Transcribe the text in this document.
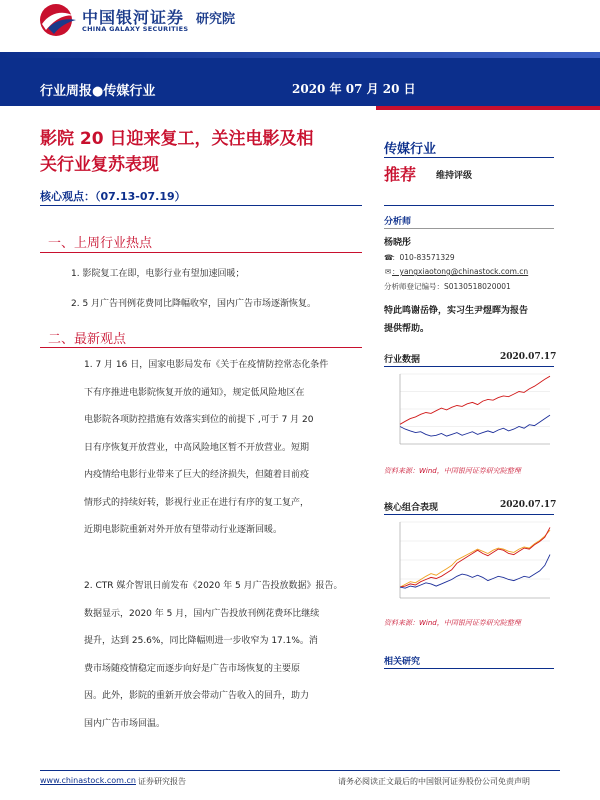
中国银河证券 研究院
CHINA GALAXY SECURITIES
行业周报●传媒行业	2020 年 07 月 20 日
影院 20 日迎来复工，关注电影及相
关行业复苏表现
核心观点：（07.13-07.19）
一、上周行业热点
1. 影院复工在即，电影行业有望加速回暖；
2. 5 月广告刊例花费同比降幅收窄，国内广告市场逐渐恢复。
二、最新观点
1. 7 月 16 日，国家电影局发布《关于在疫情防控常态化条件
下有序推进电影院恢复开放的通知》，规定低风险地区在
电影院各项防控措施有效落实到位的前提下 ,可于 7 月 20
日有序恢复开放营业，中高风险地区暂不开放营业。短期
内疫情给电影行业带来了巨大的经济损失，但随着目前疫
情形式的持续好转，影视行业正在进行有序的复工复产，
近期电影院重新对外开放有望带动行业逐渐回暖。
2. CTR 媒介智讯日前发布《2020 年 5 月广告投放数据》报告。
数据显示，2020 年 5 月，国内广告投放刊例花费环比继续
提升，达到 25.6%，同比降幅则进一步收窄为 17.1%。消
费市场随疫情稳定而逐步向好是广告市场恢复的主要原
因。此外，影院的重新开放会带动广告收入的回升，助力
国内广告市场回温。
传媒行业
推荐 维持评级
分析师
杨晓彤
☎：010-83571329
✉：yangxiaotong@chinastock.com.cn
分析师登记编号：S0130518020001
特此鸣谢岳铮，实习生尹煜晖为报告
提供帮助。
行业数据	2020.07.17
资料来源：Wind，中国银河证券研究院整理
核心组合表现	2020.07.17
资料来源：Wind，中国银河证券研究院整理
相关研究
www.chinastock.com.cn 证券研究报告	请务必阅读正文最后的中国银河证券股份公司免责声明
